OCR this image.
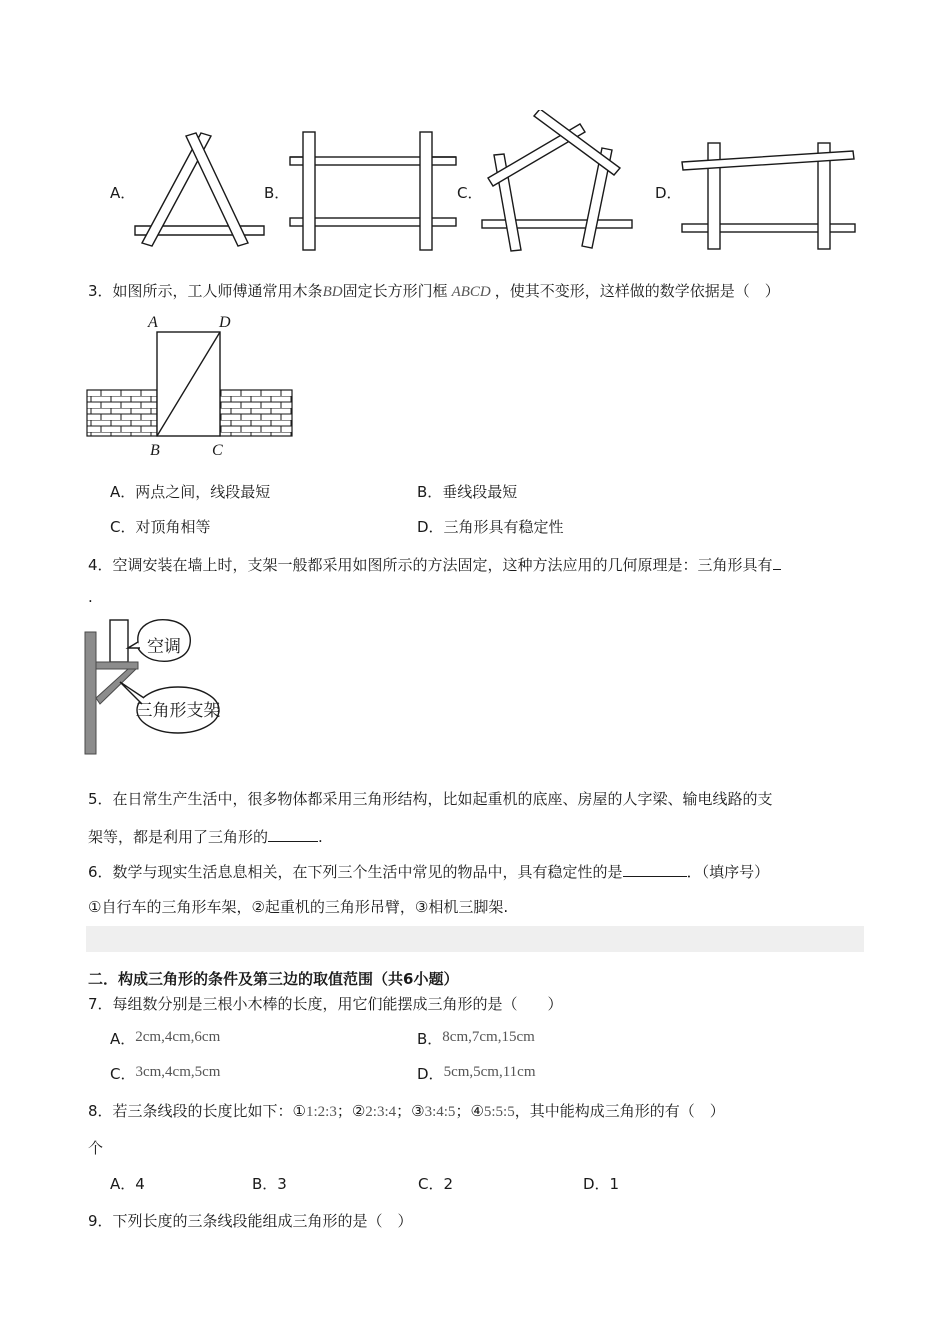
A．	B．	C．	D．
3．如图所示，工人师傅通常用木条BD固定长方形门框 ABCD ，使其不变形，这样做的数学依据是（　）
A	D
B	C
A．两点之间，线段最短	B．垂线段最短
C．对顶角相等	D．三角形具有稳定性
4．空调安装在墙上时，支架一般都采用如图所示的方法固定，这种方法应用的几何原理是：三角形具有
.
空调
三角形支架
5．在日常生产生活中，很多物体都采用三角形结构，比如起重机的底座、房屋的人字梁、输电线路的支
架等，都是利用了三角形的	.
6．数学与现实生活息息相关，在下列三个生活中常见的物品中，具有稳定性的是	．（填序号）
①自行车的三角形车架，②起重机的三角形吊臂，③相机三脚架.
二．构成三角形的条件及第三边的取值范围（共6小题）
7．每组数分别是三根小木棒的长度，用它们能摆成三角形的是（　　）
A．2cm,4cm,6cm	B．8cm,7cm,15cm
C．3cm,4cm,5cm	D．5cm,5cm,11cm
8．若三条线段的长度比如下：①1:2:3；②2:3:4；③3:4:5；④5:5:5，其中能构成三角形的有（　）
个
A．4	B．3	C．2	D．1
9．下列长度的三条线段能组成三角形的是（　）
